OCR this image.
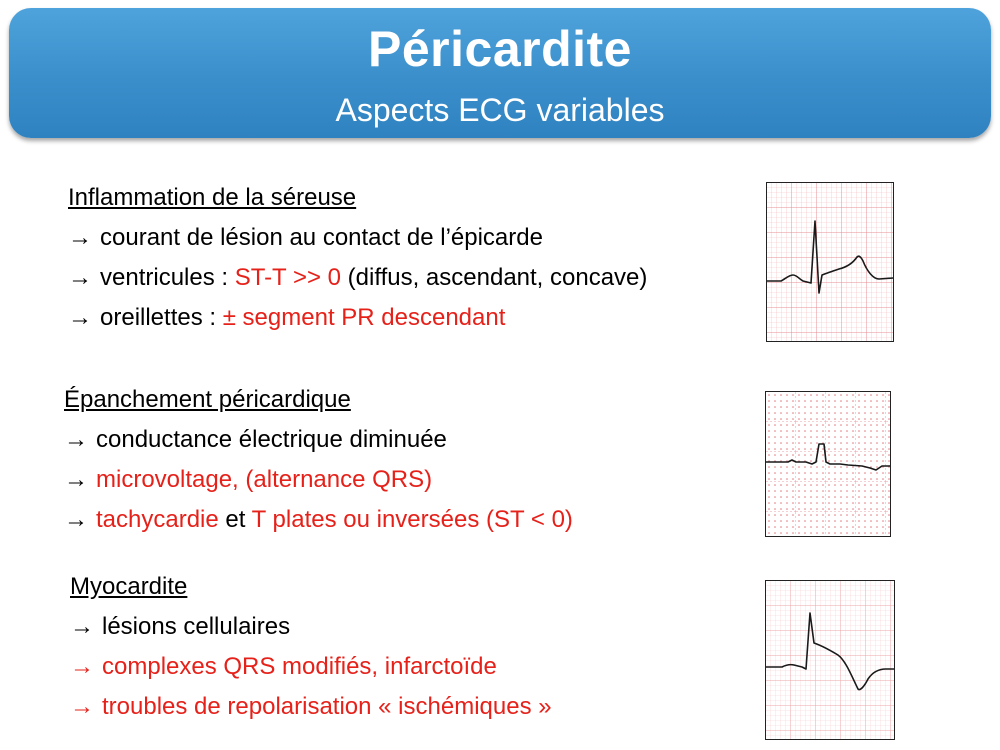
Péricardite
Aspects ECG variables
Inflammation de la séreuse
→ courant de lésion au contact de l’épicarde
→ ventricules : ST-T >> 0 (diffus, ascendant, concave)
→ oreillettes : ± segment PR descendant
Épanchement péricardique
→ conductance électrique diminuée
→ microvoltage, (alternance QRS)
→ tachycardie et T plates ou inversées (ST < 0)
Myocardite
→ lésions cellulaires
→ complexes QRS modifiés, infarctoïde
→ troubles de repolarisation « ischémiques »
